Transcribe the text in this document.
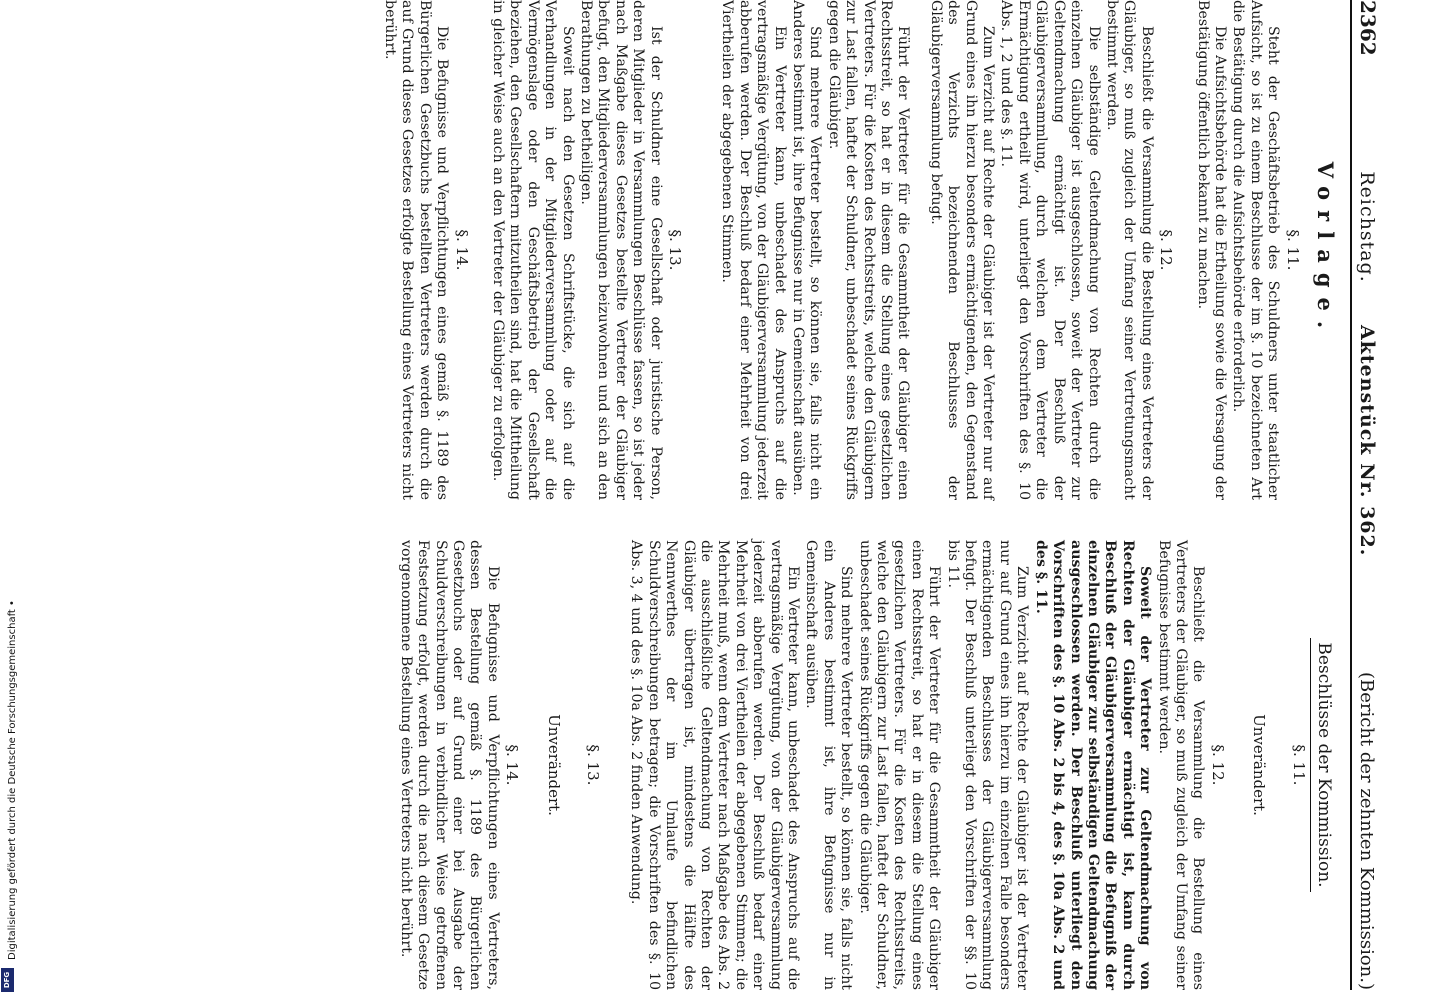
2362
Reichstag.      Aktenstück Nr. 362.
(Bericht der zehnten Kommission.)
Vorlage.
§. 11.

Steht der Geschäftsbetrieb des Schuldners unter staatlicher Aufsicht, so ist zu einem Beschlusse der im §. 10 bezeichneten Art die Bestätigung durch die Aufsichtsbehörde erforderlich.

Die Aufsichtsbehörde hat die Ertheilung sowie die Versagung der Bestätigung öffentlich bekannt zu machen.

§. 12.

Beschließt die Versammlung die Bestellung eines Vertreters der Gläubiger, so muß zugleich der Umfang seiner Vertretungsmacht bestimmt werden.

Die selbständige Geltendmachung von Rechten durch die einzelnen Gläubiger ist ausgeschlossen, soweit der Vertreter zur Geltendmachung ermächtigt ist. Der Beschluß der Gläubigerversammlung, durch welchen dem Vertreter die Ermächtigung ertheilt wird, unterliegt den Vorschriften des §. 10 Abs. 1, 2 und des §. 11.

Zum Verzicht auf Rechte der Gläubiger ist der Vertreter nur auf Grund eines ihn hierzu besonders ermächtigenden, den Gegenstand des Verzichts bezeichnenden Beschlusses der Gläubigerversammlung befugt.

Führt der Vertreter für die Gesammtheit der Gläubiger einen Rechtsstreit, so hat er in diesem die Stellung eines gesetzlichen Vertreters. Für die Kosten des Rechtsstreits, welche den Gläubigern zur Last fallen, haftet der Schuldner, unbeschadet seines Rückgriffs gegen die Gläubiger.

Sind mehrere Vertreter bestellt, so können sie, falls nicht ein Anderes bestimmt ist, ihre Befugnisse nur in Gemeinschaft ausüben.

Ein Vertreter kann, unbeschadet des Anspruchs auf die vertragsmäßige Vergütung, von der Gläubigerversammlung jederzeit abberufen werden. Der Beschluß bedarf einer Mehrheit von drei Viertheilen der abgegebenen Stimmen.

§. 13.

Ist der Schuldner eine Gesellschaft oder juristische Person, deren Mitglieder in Versammlungen Beschlüsse fassen, so ist jeder nach Maßgabe dieses Gesetzes bestellte Vertreter der Gläubiger befugt, den Mitgliederversammlungen beizuwohnen und sich an den Berathungen zu betheiligen.

Soweit nach den Gesetzen Schriftstücke, die sich auf die Verhandlungen in der Mitgliederversammlung oder auf die Vermögenslage oder den Geschäftsbetrieb der Gesellschaft beziehen, den Gesellschaftern mitzutheilen sind, hat die Mittheilung in gleicher Weise auch an den Vertreter der Gläubiger zu erfolgen.

§. 14.

Die Befugnisse und Verpflichtungen eines gemäß §. 1189 des Bürgerlichen Gesetzbuchs bestellten Vertreters werden durch die auf Grund dieses Gesetzes erfolgte Bestellung eines Vertreters nicht berührt.

Beschlüsse der Kommission.
§. 11.
Unverändert.
§. 12.

Beschließt die Versammlung die Bestellung eines Vertreters der Gläubiger, so muß zugleich der Umfang seiner Befugnisse bestimmt werden.

Soweit der Vertreter zur Geltendmachung von Rechten der Gläubiger ermächtigt ist, kann durch Beschluß der Gläubigerversammlung die Befugniß der einzelnen Gläubiger zur selbständigen Geltendmachung ausgeschlossen werden. Der Beschluß unterliegt den Vorschriften des §. 10 Abs. 2 bis 4, des §. 10a Abs. 2 und des §. 11.

Zum Verzicht auf Rechte der Gläubiger ist der Vertreter nur auf Grund eines ihn hierzu im einzelnen Falle besonders ermächtigenden Beschlusses der Gläubigerversammlung befugt. Der Beschluß unterliegt den Vorschriften der §§. 10 bis 11.

Führt der Vertreter für die Gesammtheit der Gläubiger einen Rechtsstreit, so hat er in diesem die Stellung eines gesetzlichen Vertreters. Für die Kosten des Rechtsstreits, welche den Gläubigern zur Last fallen, haftet der Schuldner, unbeschadet seines Rückgriffs gegen die Gläubiger.

Sind mehrere Vertreter bestellt, so können sie, falls nicht ein Anderes bestimmt ist, ihre Befugnisse nur in Gemeinschaft ausüben.

Ein Vertreter kann, unbeschadet des Anspruchs auf die vertragsmäßige Vergütung, von der Gläubigerversammlung jederzeit abberufen werden. Der Beschluß bedarf einer Mehrheit von drei Viertheilen der abgegebenen Stimmen; die Mehrheit muß, wenn dem Vertreter nach Maßgabe des Abs. 2 die ausschließliche Geltendmachung von Rechten der Gläubiger übertragen ist, mindestens die Hälfte des Nennwerthes der im Umlaufe befindlichen Schuldverschreibungen betragen; die Vorschriften des §. 10 Abs. 3, 4 und des §. 10a Abs. 2 finden Anwendung.

§. 13.
Unverändert.
§. 14.

Die Befugnisse und Verpflichtungen eines Vertreters, dessen Bestellung gemäß §. 1189 des Bürgerlichen Gesetzbuchs oder auf Grund einer bei Ausgabe der Schuldverschreibungen in verbindlicher Weise getroffenen Festsetzung erfolgt, werden durch die nach diesem Gesetze vorgenommene Bestellung eines Vertreters nicht berührt.

Digitalisierung gefördert durch die Deutsche Forschungsgemeinschaft •
DFG
